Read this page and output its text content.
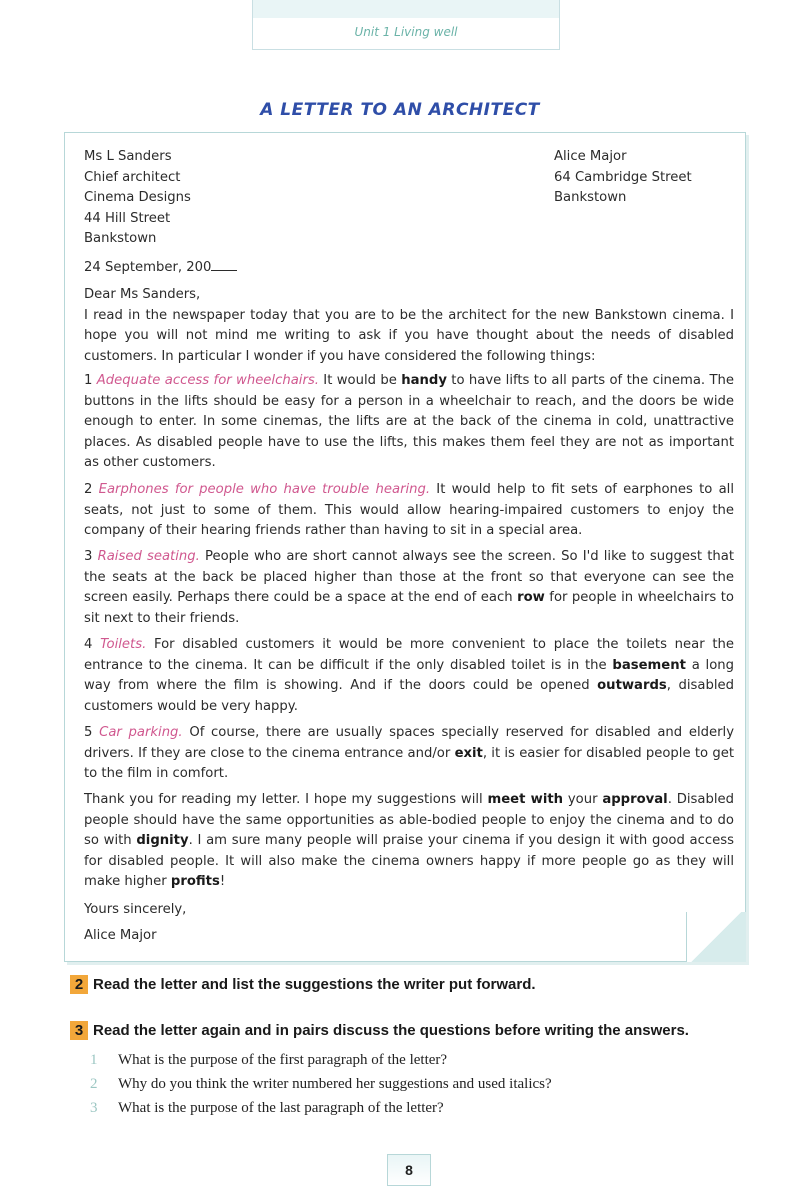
Unit 1 Living well
A LETTER TO AN ARCHITECT
Ms L Sanders
Chief architect
Cinema Designs
44 Hill Street
Bankstown
Alice Major
64 Cambridge Street
Bankstown
24 September, 200
Dear Ms Sanders,
I read in the newspaper today that you are to be the architect for the new Bankstown cinema. I hope you will not mind me writing to ask if you have thought about the needs of disabled customers. In particular I wonder if you have considered the following things:
1 Adequate access for wheelchairs. It would be handy to have lifts to all parts of the cinema. The buttons in the lifts should be easy for a person in a wheelchair to reach, and the doors be wide enough to enter. In some cinemas, the lifts are at the back of the cinema in cold, unattractive places. As disabled people have to use the lifts, this makes them feel they are not as important as other customers.
2 Earphones for people who have trouble hearing. It would help to fit sets of earphones to all seats, not just to some of them. This would allow hearing-impaired customers to enjoy the company of their hearing friends rather than having to sit in a special area.
3 Raised seating. People who are short cannot always see the screen. So I'd like to suggest that the seats at the back be placed higher than those at the front so that everyone can see the screen easily. Perhaps there could be a space at the end of each row for people in wheelchairs to sit next to their friends.
4 Toilets. For disabled customers it would be more convenient to place the toilets near the entrance to the cinema. It can be difficult if the only disabled toilet is in the basement a long way from where the film is showing. And if the doors could be opened outwards, disabled customers would be very happy.
5 Car parking. Of course, there are usually spaces specially reserved for disabled and elderly drivers. If they are close to the cinema entrance and/or exit, it is easier for disabled people to get to the film in comfort.
Thank you for reading my letter. I hope my suggestions will meet with your approval. Disabled people should have the same opportunities as able-bodied people to enjoy the cinema and to do so with dignity. I am sure many people will praise your cinema if you design it with good access for disabled people. It will also make the cinema owners happy if more people go as they will make higher profits!
Yours sincerely,
Alice Major
2 Read the letter and list the suggestions the writer put forward.
3 Read the letter again and in pairs discuss the questions before writing the answers.
1 What is the purpose of the first paragraph of the letter?
2 Why do you think the writer numbered her suggestions and used italics?
3 What is the purpose of the last paragraph of the letter?
8
